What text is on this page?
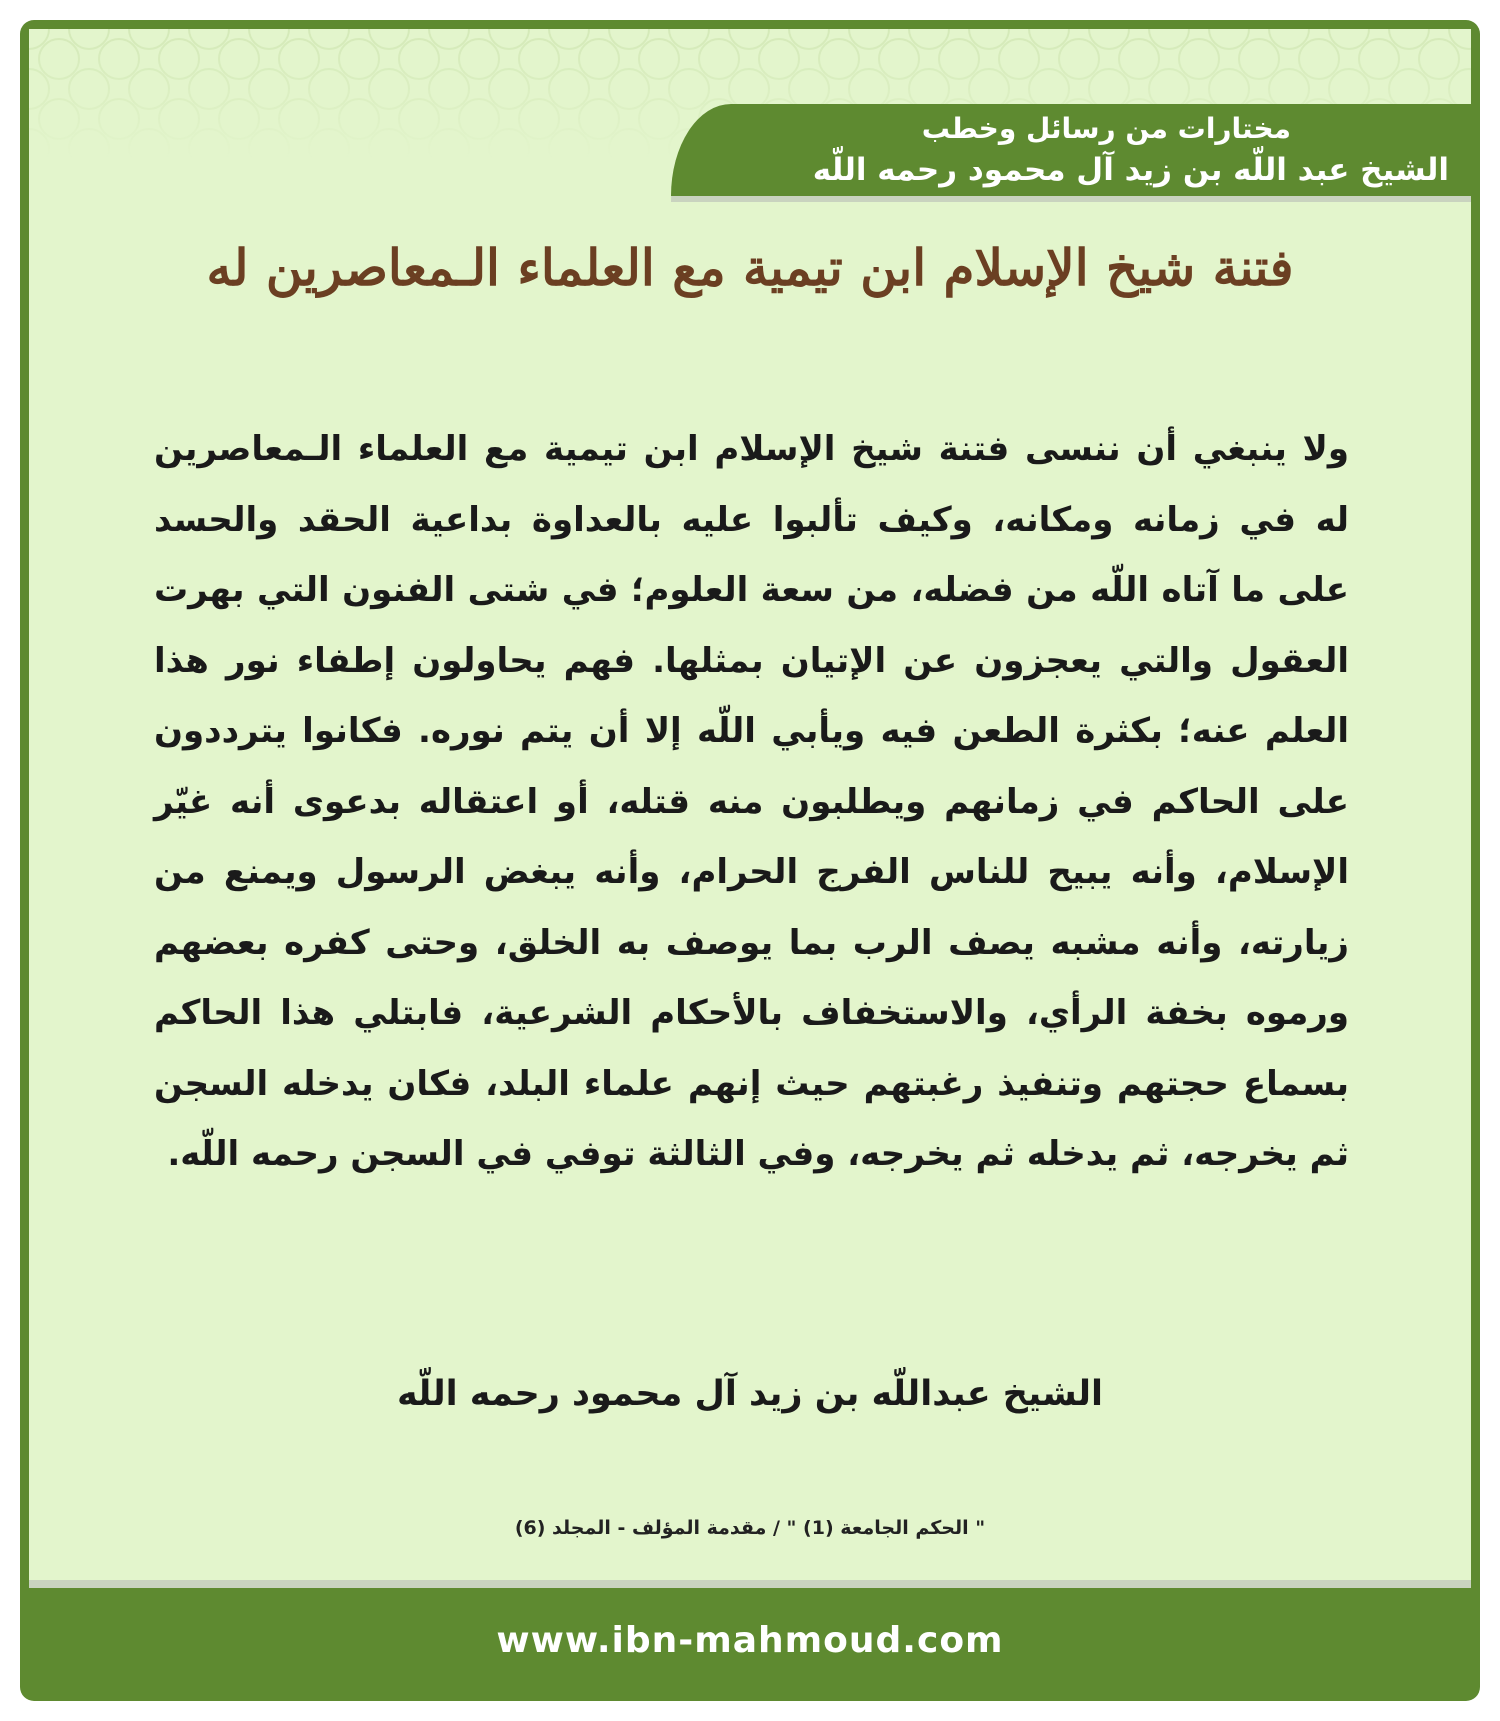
مختارات من رسائل وخطب
الشيخ عبد اللّه بن زيد آل محمود رحمه اللّه
فتنة شيخ الإسلام ابن تيمية مع العلماء الـمعاصرين له
ولا ينبغي أن ننسى فتنة شيخ الإسلام ابن تيمية مع العلماء الـمعاصرين له في زمانه ومكانه، وكيف تألبوا عليه بالعداوة بداعية الحقد والحسد على ما آتاه اللّه من فضله، من سعة العلوم؛ في شتى الفنون التي بهرت العقول والتي يعجزون عن الإتيان بمثلها. فهم يحاولون إطفاء نور هذا العلم عنه؛ بكثرة الطعن فيه ويأبي اللّه إلا أن يتم نوره. فكانوا يترددون على الحاكم في زمانهم ويطلبون منه قتله، أو اعتقاله بدعوى أنه غيّر الإسلام، وأنه يبيح للناس الفرج الحرام، وأنه يبغض الرسول ويمنع من زيارته، وأنه مشبه يصف الرب بما يوصف به الخلق، وحتى كفره بعضهم ورموه بخفة الرأي، والاستخفاف بالأحكام الشرعية، فابتلي هذا الحاكم بسماع حجتهم وتنفيذ رغبتهم حيث إنهم علماء البلد، فكان يدخله السجن ثم يخرجه، ثم يدخله ثم يخرجه، وفي الثالثة توفي في السجن رحمه اللّه.
الشيخ عبداللّه بن زيد آل محمود رحمه اللّه
" الحكم الجامعة (1) " / مقدمة المؤلف - المجلد (6)
www.ibn-mahmoud.com
